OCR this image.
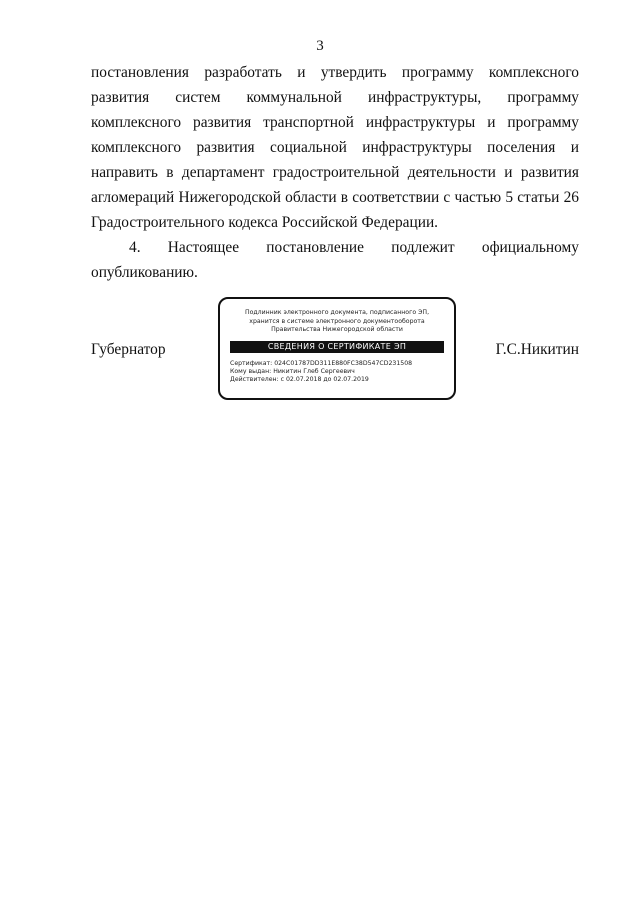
3

постановления разработать и утвердить программу комплексного развития систем коммунальной инфраструктуры, программу комплексного развития транспортной инфраструктуры и программу комплексного развития социальной инфраструктуры поселения и направить в департамент градостроительной деятельности и развития агломераций Нижегородской области в соответствии с частью 5 статьи 26 Градостроительного кодекса Российской Федерации.

4. Настоящее постановление подлежит официальному опубликованию.

Губернатор	Г.С.Никитин
Подлинник электронного документа, подписанного ЭП,
хранится в системе электронного документооборота
Правительства Нижегородской области
СВЕДЕНИЯ О СЕРТИФИКАТЕ ЭП
Сертификат: 024C01787DD311E880FC38D547CD231508
Кому выдан: Никитин Глеб Сергеевич
Действителен: с 02.07.2018 до 02.07.2019
